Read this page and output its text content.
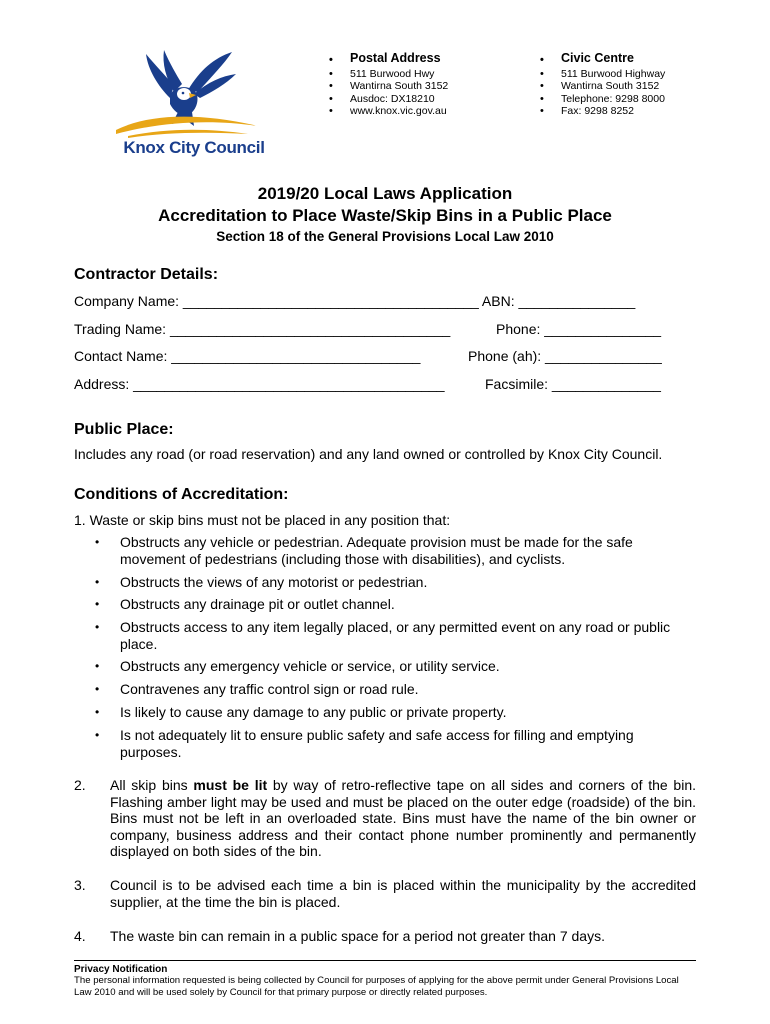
Knox City Council
• Postal Address
• 511 Burwood Hwy
• Wantirna South 3152
• Ausdoc: DX18210
• www.knox.vic.gov.au
• Civic Centre
• 511 Burwood Highway
• Wantirna South 3152
• Telephone: 9298 8000
• Fax: 9298 8252
2019/20 Local Laws Application
Accreditation to Place Waste/Skip Bins in a Public Place
Section 18 of the General Provisions Local Law 2010
Contractor Details:
Company Name: ______________________________________ ABN: _______________
Trading Name: ____________________________________	Phone: _______________
Contact Name: ________________________________	Phone (ah): _______________
Address: ________________________________________	Facsimile: ______________
Public Place:
Includes any road (or road reservation) and any land owned or controlled by Knox City Council.
Conditions of Accreditation:
1. Waste or skip bins must not be placed in any position that:
• Obstructs any vehicle or pedestrian. Adequate provision must be made for the safe movement of pedestrians (including those with disabilities), and cyclists.
• Obstructs the views of any motorist or pedestrian.
• Obstructs any drainage pit or outlet channel.
• Obstructs access to any item legally placed, or any permitted event on any road or public place.
• Obstructs any emergency vehicle or service, or utility service.
• Contravenes any traffic control sign or road rule.
• Is likely to cause any damage to any public or private property.
• Is not adequately lit to ensure public safety and safe access for filling and emptying purposes.
2. All skip bins must be lit by way of retro-reflective tape on all sides and corners of the bin. Flashing amber light may be used and must be placed on the outer edge (roadside) of the bin. Bins must not be left in an overloaded state. Bins must have the name of the bin owner or company, business address and their contact phone number prominently and permanently displayed on both sides of the bin.
3. Council is to be advised each time a bin is placed within the municipality by the accredited supplier, at the time the bin is placed.
4. The waste bin can remain in a public space for a period not greater than 7 days.
Privacy Notification
The personal information requested is being collected by Council for purposes of applying for the above permit under General Provisions Local Law 2010 and will be used solely by Council for that primary purpose or directly related purposes.
